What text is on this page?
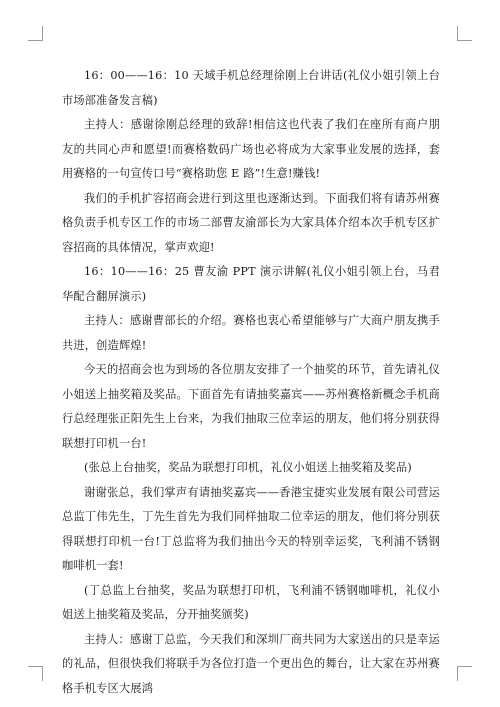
16：00——16：10 天域手机总经理徐刚上台讲话(礼仪小姐引领上台市场部准备发言稿)

主持人：感谢徐刚总经理的致辞!相信这也代表了我们在座所有商户朋友的共同心声和愿望!而赛格数码广场也必将成为大家事业发展的选择，套用赛格的一句宣传口号“赛格助您 E 路”!生意!赚钱!

我们的手机扩容招商会进行到这里也逐渐达到。下面我们将有请苏州赛格负责手机专区工作的市场二部曹友渝部长为大家具体介绍本次手机专区扩容招商的具体情况，掌声欢迎!

16：10——16：25 曹友渝 PPT 演示讲解(礼仪小姐引领上台，马君华配合翻屏演示)

主持人：感谢曹部长的介绍。赛格也衷心希望能够与广大商户朋友携手共进，创造辉煌!

今天的招商会也为到场的各位朋友安排了一个抽奖的环节，首先请礼仪小姐送上抽奖箱及奖品。下面首先有请抽奖嘉宾——苏州赛格新概念手机商行总经理张正阳先生上台来，为我们抽取三位幸运的朋友，他们将分别获得联想打印机一台!

(张总上台抽奖，奖品为联想打印机，礼仪小姐送上抽奖箱及奖品)

谢谢张总，我们掌声有请抽奖嘉宾——香港宝捷实业发展有限公司营运总监丁伟先生，丁先生首先为我们同样抽取二位幸运的朋友，他们将分别获得联想打印机一台!丁总监将为我们抽出今天的特别幸运奖，飞利浦不锈钢咖啡机一套!

(丁总监上台抽奖，奖品为联想打印机，飞利浦不锈钢咖啡机，礼仪小姐送上抽奖箱及奖品，分开抽奖颁奖)

主持人：感谢丁总监，今天我们和深圳厂商共同为大家送出的只是幸运的礼品，但很快我们将联手为各位打造一个更出色的舞台，让大家在苏州赛格手机专区大展鸿
